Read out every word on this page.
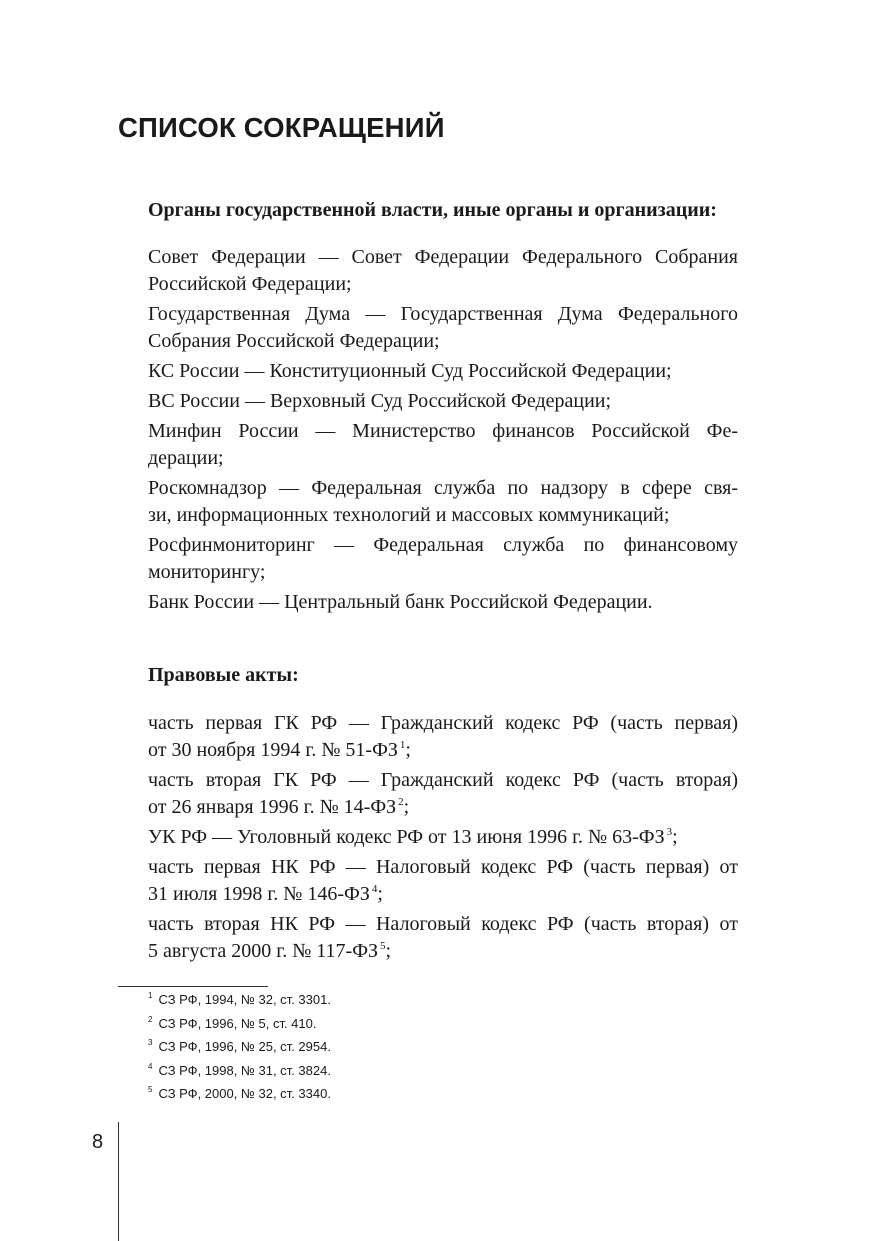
СПИСОК СОКРАЩЕНИЙ
Органы государственной власти, иные органы и организации:

Совет Федерации — Совет Федерации Федерального Собрания
Российской Федерации;

Государственная Дума — Государственная Дума Федерального
Собрания Российской Федерации;

КС России — Конституционный Суд Российской Федерации;

ВС России — Верховный Суд Российской Федерации;

Минфин России — Министерство финансов Российской Фе-
дерации;

Роскомнадзор — Федеральная служба по надзору в сфере свя-
зи, информационных технологий и массовых коммуникаций;

Росфинмониторинг — Федеральная служба по финансовому
мониторингу;

Банк России — Центральный банк Российской Федерации.

Правовые акты:

часть первая ГК РФ — Гражданский кодекс РФ (часть первая)
от 30 ноября 1994 г. № 51-ФЗ $^1$;

часть вторая ГК РФ — Гражданский кодекс РФ (часть вторая)
от 26 января 1996 г. № 14-ФЗ $^2$;

УК РФ — Уголовный кодекс РФ от 13 июня 1996 г. № 63-ФЗ $^3$;

часть первая НК РФ — Налоговый кодекс РФ (часть первая) от
31 июля 1998 г. № 146-ФЗ $^4$;

часть вторая НК РФ — Налоговый кодекс РФ (часть вторая) от
5 августа 2000 г. № 117-ФЗ $^5$;

$^1$ СЗ РФ, 1994, № 32, ст. 3301.
$^2$ СЗ РФ, 1996, № 5, ст. 410.
$^3$ СЗ РФ, 1996, № 25, ст. 2954.
$^4$ СЗ РФ, 1998, № 31, ст. 3824.
$^5$ СЗ РФ, 2000, № 32, ст. 3340.
8
